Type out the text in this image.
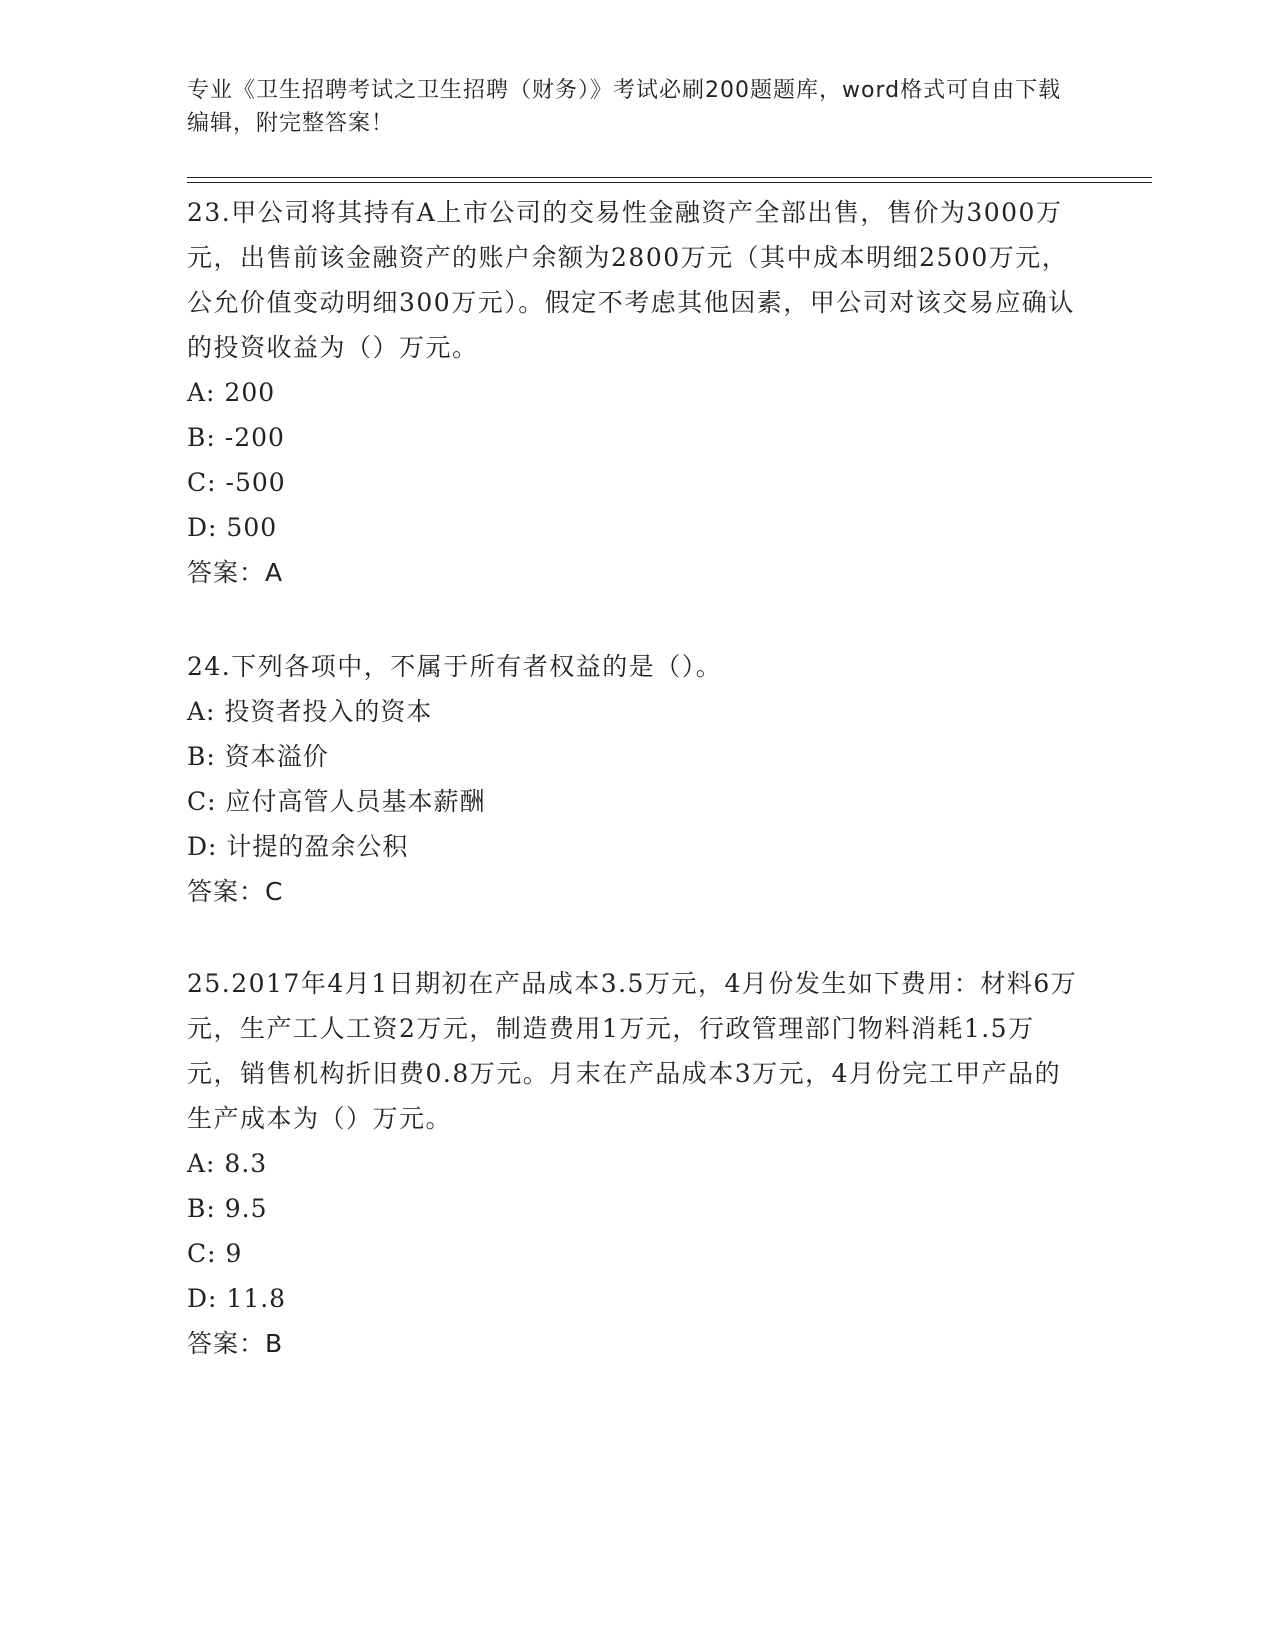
专业《卫生招聘考试之卫生招聘（财务）》考试必刷200题题库，word格式可自由下载编辑，附完整答案！

23.甲公司将其持有A上市公司的交易性金融资产全部出售，售价为3000万元，出售前该金融资产的账户余额为2800万元（其中成本明细2500万元，公允价值变动明细300万元）。假定不考虑其他因素，甲公司对该交易应确认的投资收益为（）万元。

A: 200

B: -200

C: -500

D: 500

答案：A

24.下列各项中，不属于所有者权益的是（）。

A: 投资者投入的资本

B: 资本溢价

C: 应付高管人员基本薪酬

D: 计提的盈余公积

答案：C

25.2017年4月1日期初在产品成本3.5万元，4月份发生如下费用：材料6万元，生产工人工资2万元，制造费用1万元，行政管理部门物料消耗1.5万元，销售机构折旧费0.8万元。月末在产品成本3万元，4月份完工甲产品的生产成本为（）万元。

A: 8.3

B: 9.5

C: 9

D: 11.8

答案：B
